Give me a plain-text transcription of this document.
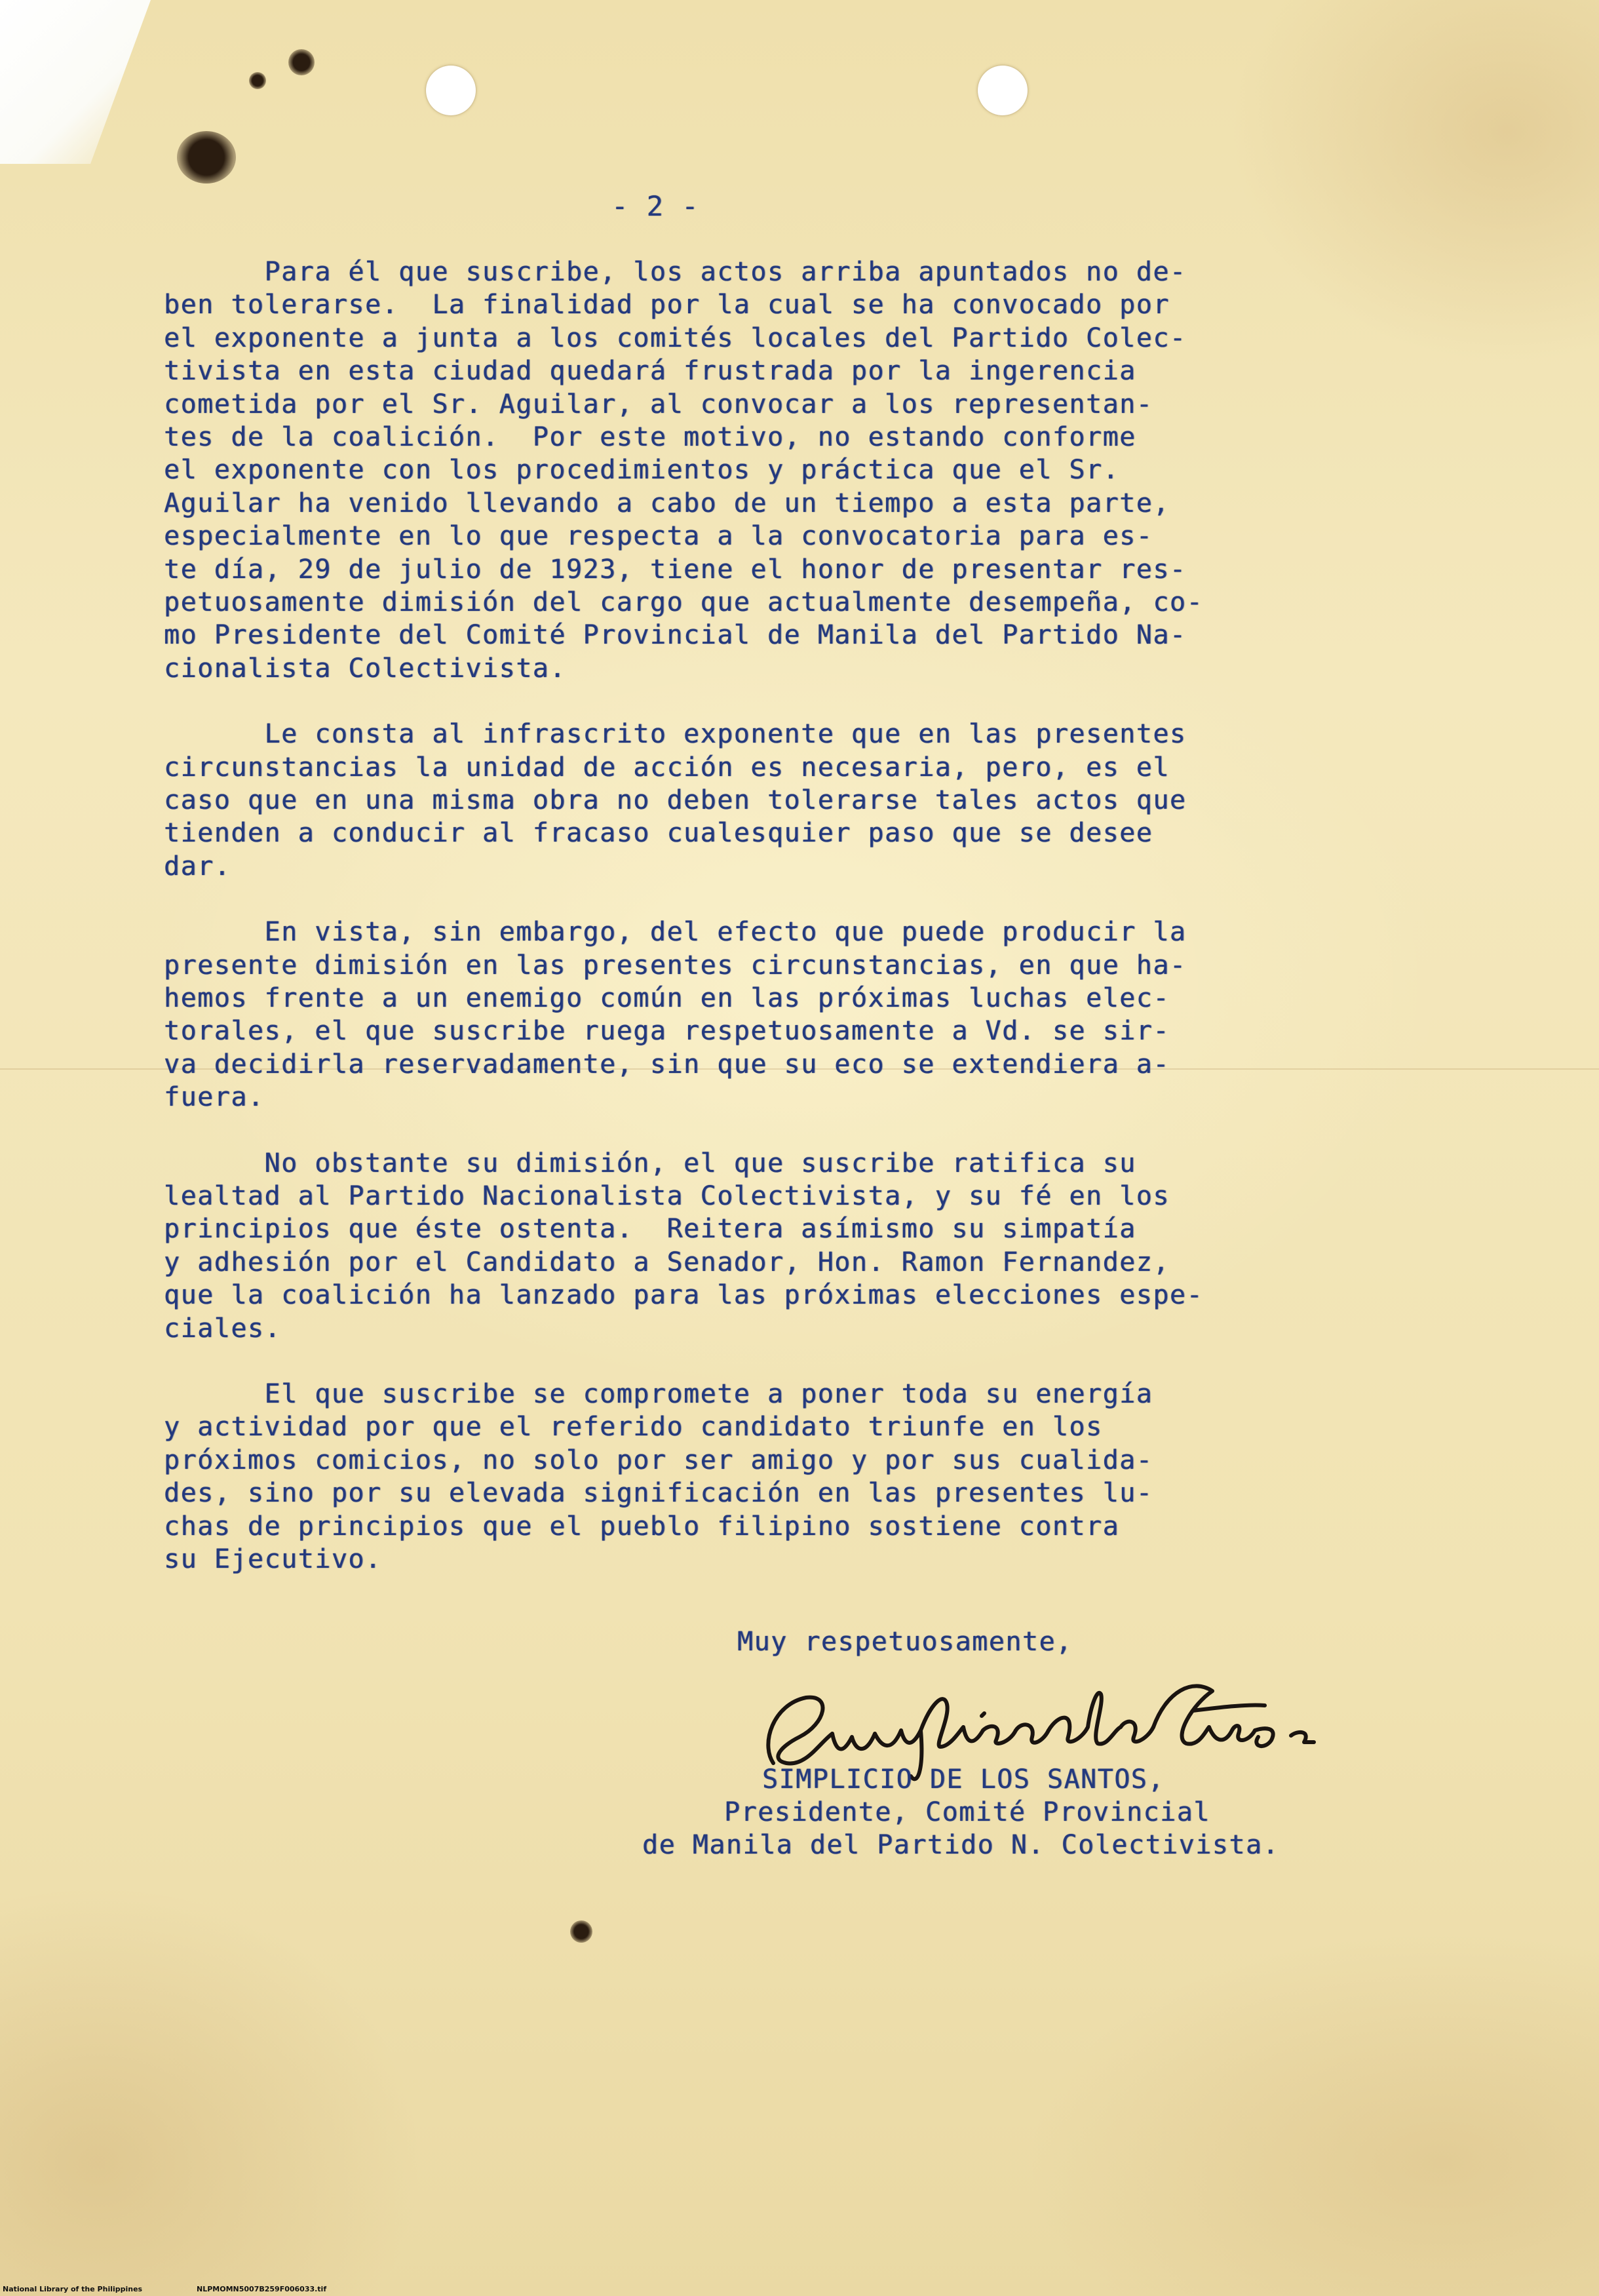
- 2 -
Para él que suscribe, los actos arriba apuntados no de-
ben tolerarse.  La finalidad por la cual se ha convocado por
el exponente a junta a los comités locales del Partido Colec-
tivista en esta ciudad quedará frustrada por la ingerencia
cometida por el Sr. Aguilar, al convocar a los representan-
tes de la coalición.  Por este motivo, no estando conforme
el exponente con los procedimientos y práctica que el Sr.
Aguilar ha venido llevando a cabo de un tiempo a esta parte,
especialmente en lo que respecta a la convocatoria para es-
te día, 29 de julio de 1923, tiene el honor de presentar res-
petuosamente dimisión del cargo que actualmente desempeña, co-
mo Presidente del Comité Provincial de Manila del Partido Na-
cionalista Colectivista.
Le consta al infrascrito exponente que en las presentes
circunstancias la unidad de acción es necesaria, pero, es el
caso que en una misma obra no deben tolerarse tales actos que
tienden a conducir al fracaso cualesquier paso que se desee
dar.
En vista, sin embargo, del efecto que puede producir la
presente dimisión en las presentes circunstancias, en que ha-
hemos frente a un enemigo común en las próximas luchas elec-
torales, el que suscribe ruega respetuosamente a Vd. se sir-
va decidirla reservadamente, sin que su eco se extendiera a-
fuera.
No obstante su dimisión, el que suscribe ratifica su
lealtad al Partido Nacionalista Colectivista, y su fé en los
principios que éste ostenta.  Reitera asímismo su simpatía
y adhesión por el Candidato a Senador, Hon. Ramon Fernandez,
que la coalición ha lanzado para las próximas elecciones espe-
ciales.
El que suscribe se compromete a poner toda su energía
y actividad por que el referido candidato triunfe en los
próximos comicios, no solo por ser amigo y por sus cualida-
des, sino por su elevada significación en las presentes lu-
chas de principios que el pueblo filipino sostiene contra
su Ejecutivo.
Muy respetuosamente,
SIMPLICIO DE LOS SANTOS,
Presidente, Comité Provincial
de Manila del Partido N. Colectivista.
National Library of the Philippines	NLPMOMN5007B259F006033.tif
